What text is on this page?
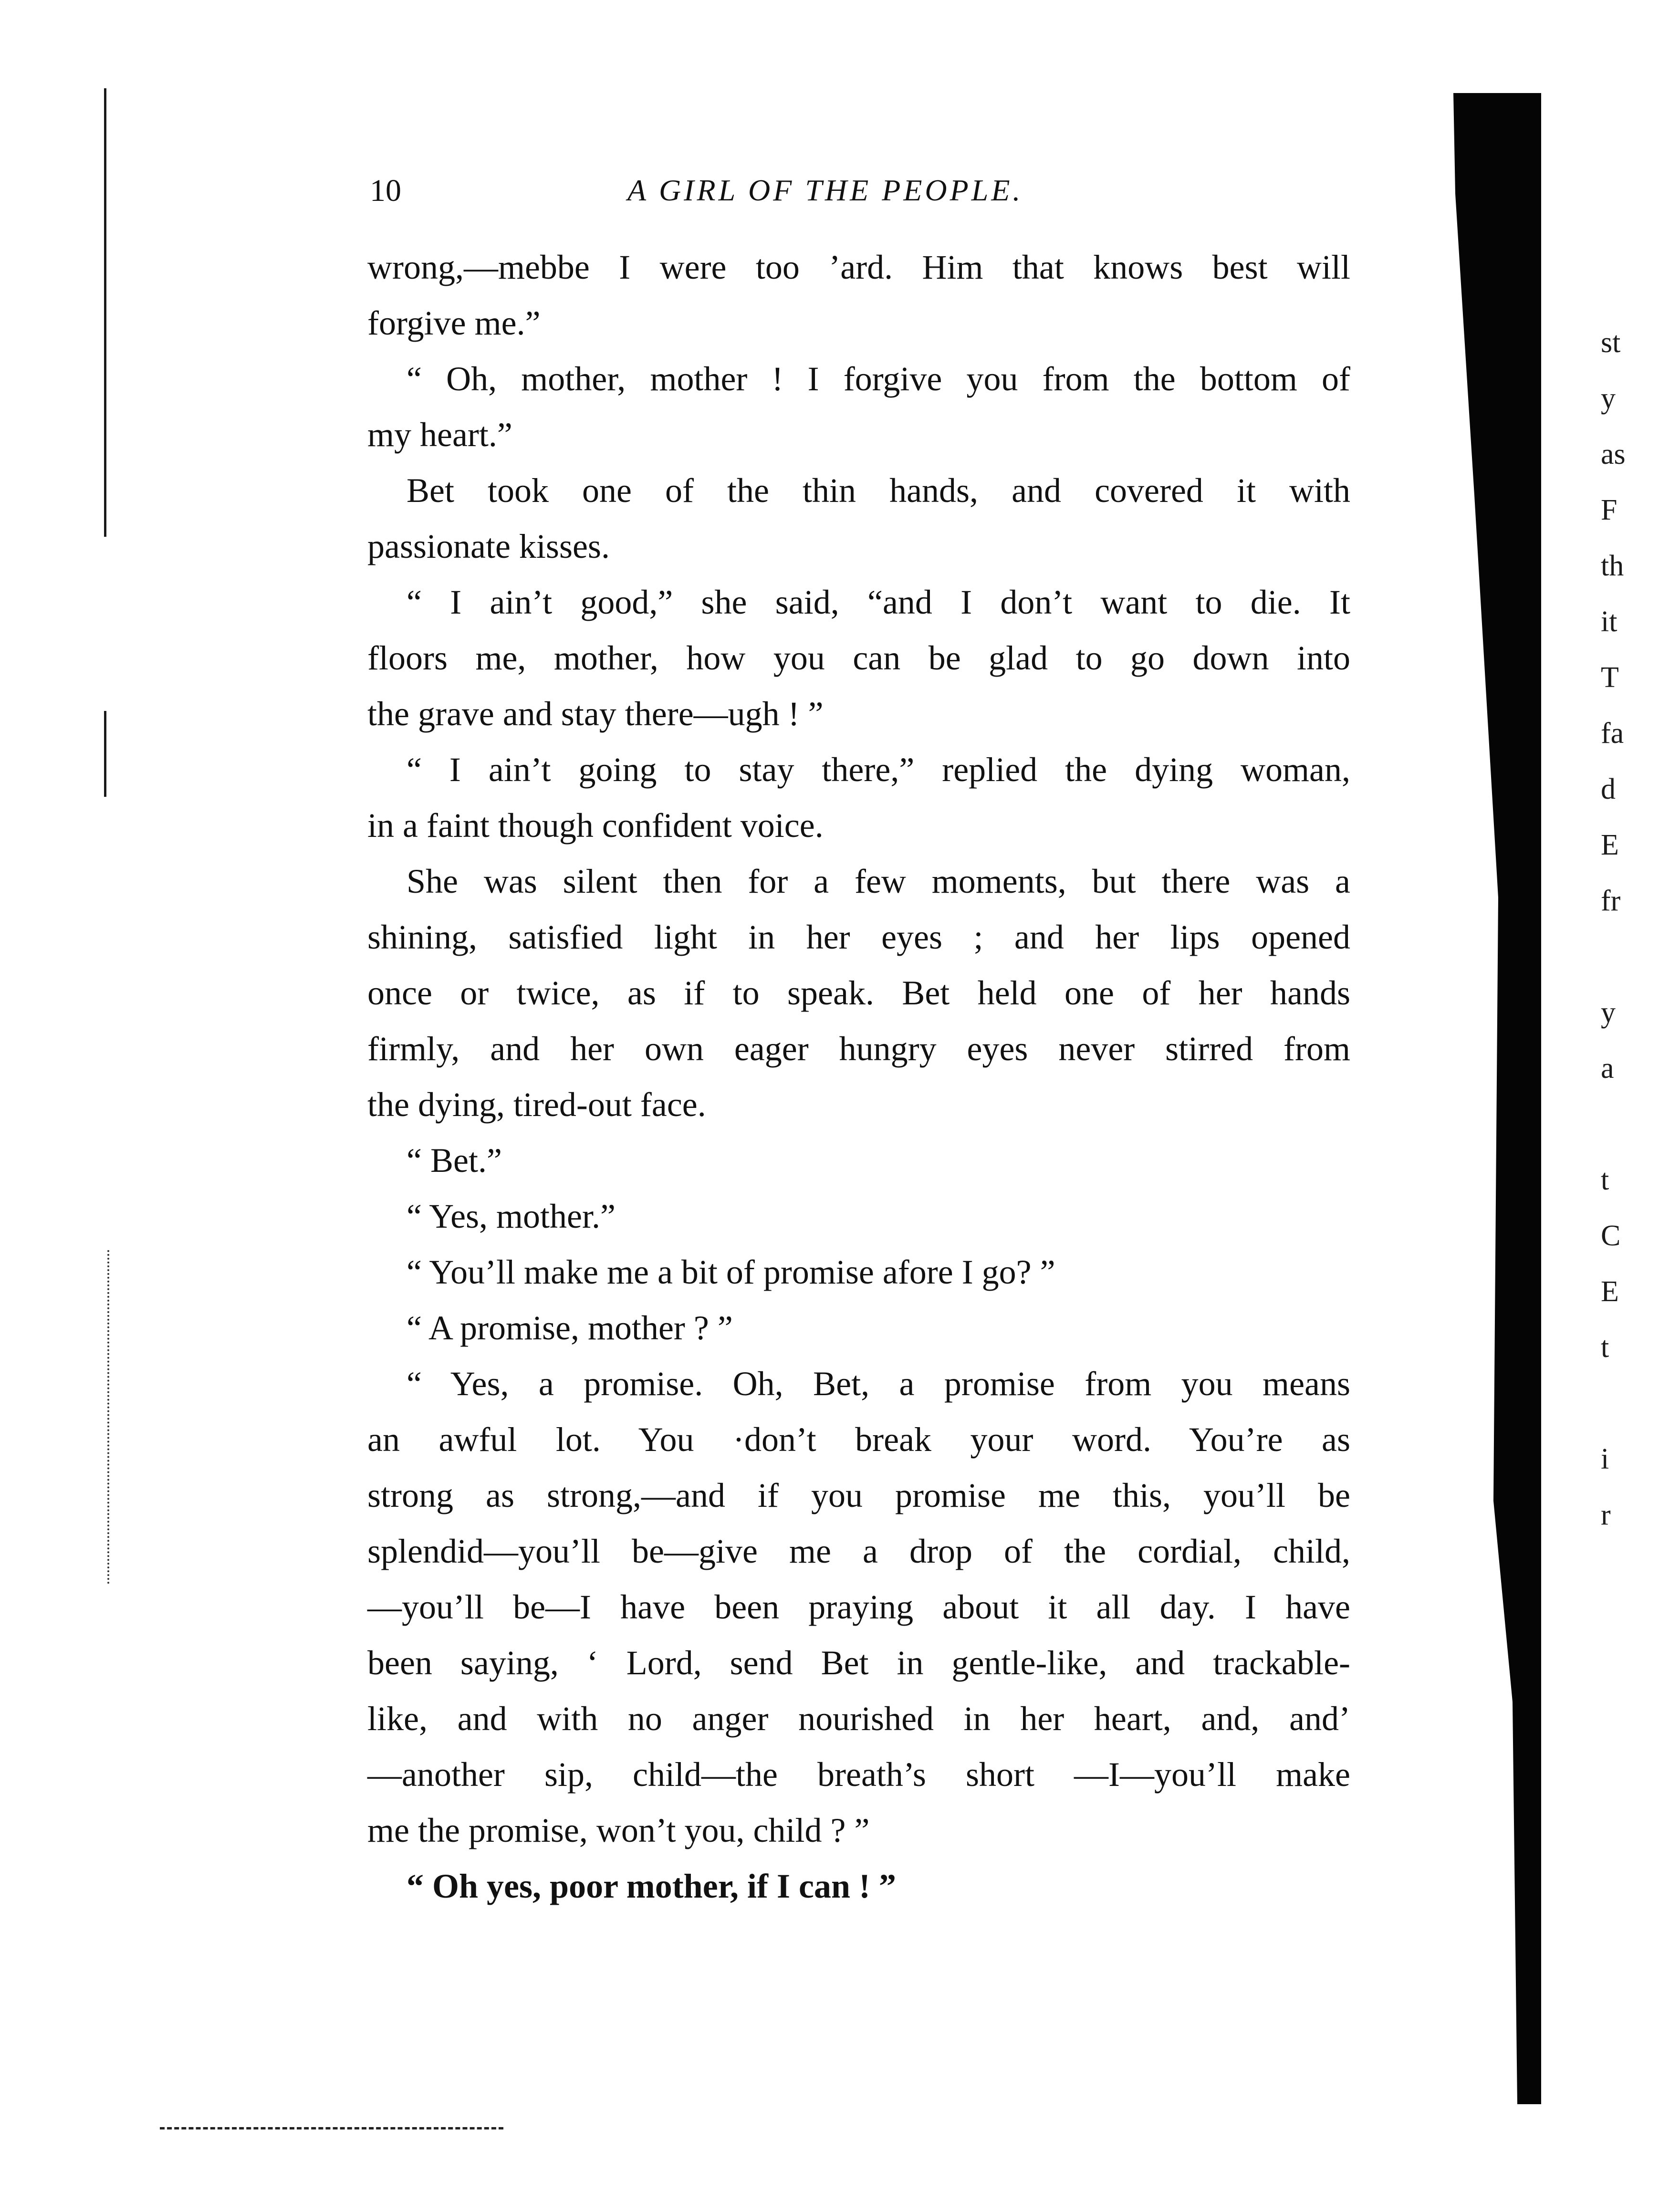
st
y
as
F
th
it
T
fa
d
E
fr
y
a
t
C
E
t
i
r
10	A GIRL OF THE PEOPLE.
wrong,—mebbe I were too ’ard. Him that knows best will
forgive me.”
“ Oh, mother, mother ! I forgive you from the bottom of
my heart.”
Bet took one of the thin hands, and covered it with
passionate kisses.
“ I ain’t good,” she said, “and I don’t want to die. It
floors me, mother, how you can be glad to go down into
the grave and stay there—ugh ! ”
“ I ain’t going to stay there,” replied the dying woman,
in a faint though confident voice.
She was silent then for a few moments, but there was a
shining, satisfied light in her eyes ; and her lips opened
once or twice, as if to speak. Bet held one of her hands
firmly, and her own eager hungry eyes never stirred from
the dying, tired-out face.
“ Bet.”
“ Yes, mother.”
“ You’ll make me a bit of promise afore I go? ”
“ A promise, mother ? ”
“ Yes, a promise. Oh, Bet, a promise from you means
an awful lot. You ·don’t break your word. You’re as
strong as strong,—and if you promise me this, you’ll be
splendid—you’ll be—give me a drop of the cordial, child,
—you’ll be—I have been praying about it all day. I have
been saying, ‘ Lord, send Bet in gentle-like, and trackable-
like, and with no anger nourished in her heart, and, and’
—another sip, child—the breath’s short —I—you’ll make
me the promise, won’t you, child ? ”
“ Oh yes, poor mother, if I can ! ”
